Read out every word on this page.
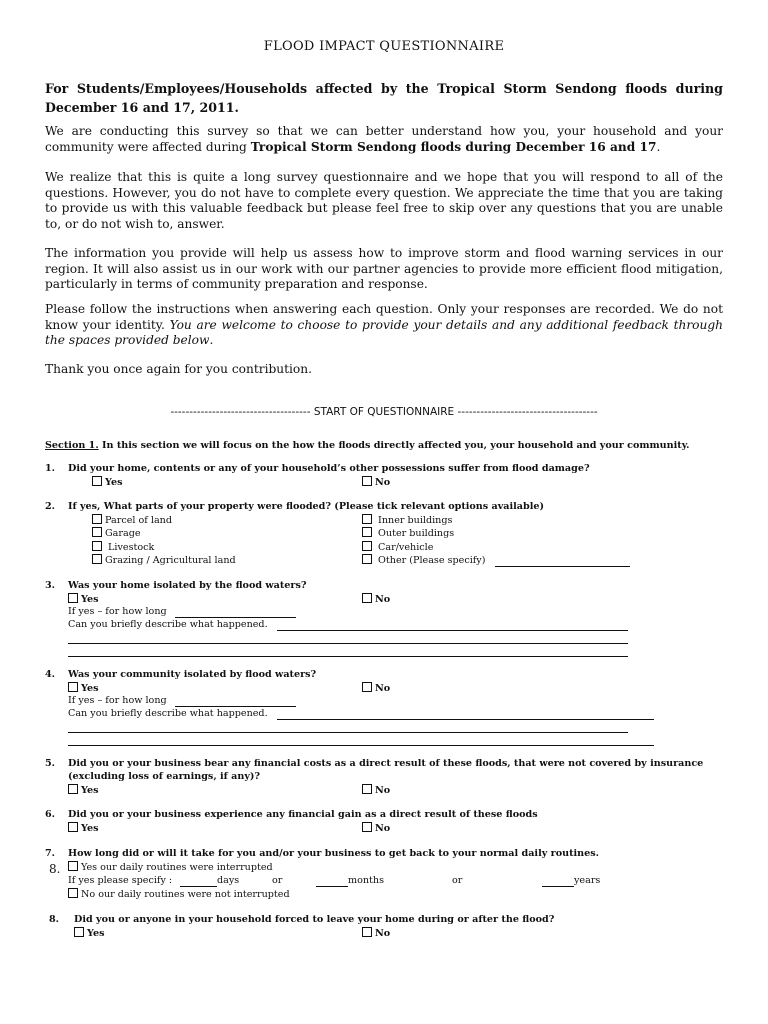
FLOOD IMPACT QUESTIONNAIRE
For Students/Employees/Households affected by the Tropical Storm Sendong floods during December 16 and 17, 2011.
We are conducting this survey so that we can better understand how you, your household and your community were affected during Tropical Storm Sendong floods during December 16 and 17.
We realize that this is quite a long survey questionnaire and we hope that you will respond to all of the questions. However, you do not have to complete every question. We appreciate the time that you are taking to provide us with this valuable feedback but please feel free to skip over any questions that you are unable to, or do not wish to, answer.
The information you provide will help us assess how to improve storm and flood warning services in our region. It will also assist us in our work with our partner agencies to provide more efficient flood mitigation, particularly in terms of community preparation and response.
Please follow the instructions when answering each question. Only your responses are recorded. We do not know your identity. You are welcome to choose to provide your details and any additional feedback through the spaces provided below.
Thank you once again for you contribution.
------------------------------------- START OF QUESTIONNAIRE -------------------------------------
Section 1. In this section we will focus on the how the floods directly affected you, your household and your community.
1. Did your home, contents or any of your household’s other possessions suffer from flood damage?
Yes	No
2. If yes, What parts of your property were flooded? (Please tick relevant options available)
Parcel of land
Garage
Livestock
Grazing / Agricultural land
Inner buildings
Outer buildings
Car/vehicle
Other (Please specify)
3. Was your home isolated by the flood waters?
Yes	No
If yes – for how long
Can you briefly describe what happened.
4. Was your community isolated by flood waters?
Yes	No
If yes – for how long
Can you briefly describe what happened.
5. Did you or your business bear any financial costs as a direct result of these floods, that were not covered by insurance
(excluding loss of earnings, if any)?
Yes	No
6. Did you or your business experience any financial gain as a direct result of these floods
Yes	No
7. How long did or will it take for you and/or your business to get back to your normal daily routines.
8.	Yes our daily routines were interrupted
If yes please specify :	days	or	months	or	years
No our daily routines were not interrupted
8. Did you or anyone in your household forced to leave your home during or after the flood?
Yes	No
